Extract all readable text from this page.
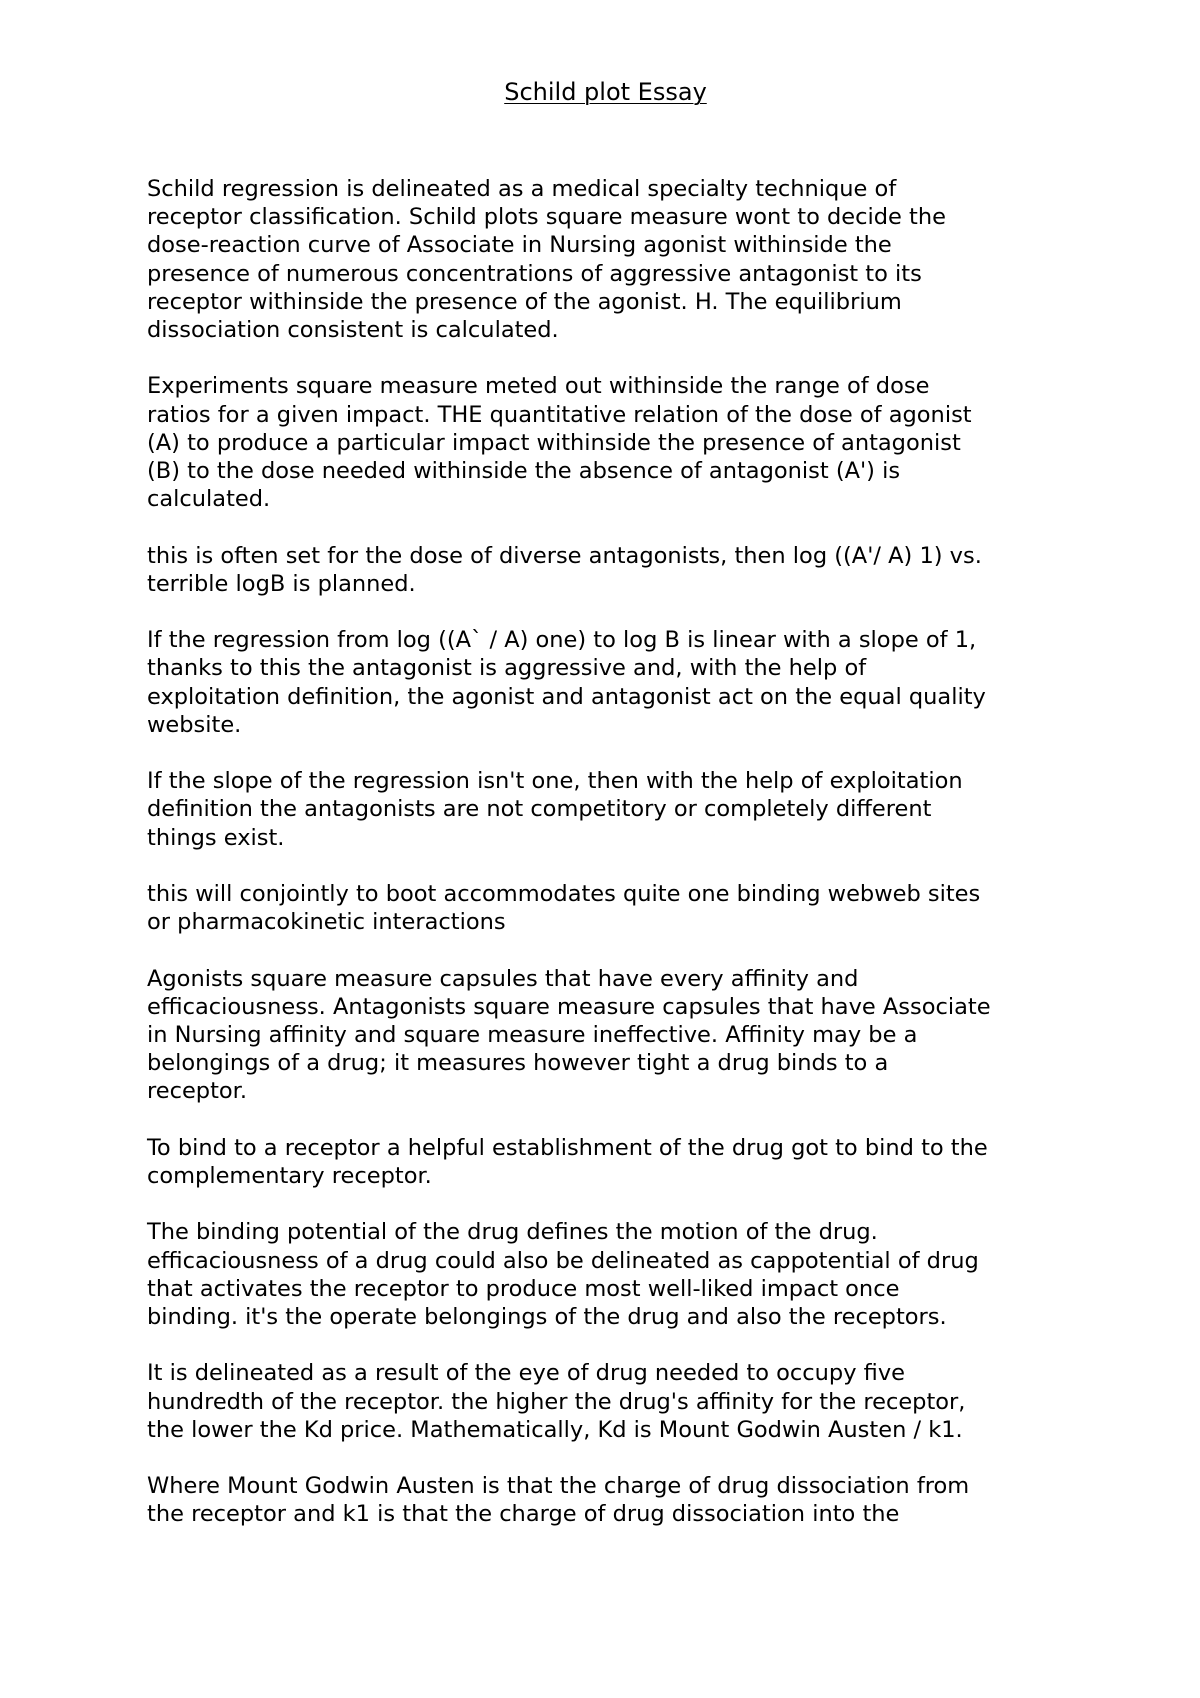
Schild plot Essay

Schild regression is delineated as a medical specialty technique of
receptor classification. Schild plots square measure wont to decide the
dose-reaction curve of Associate in Nursing agonist withinside the
presence of numerous concentrations of aggressive antagonist to its
receptor withinside the presence of the agonist. H. The equilibrium
dissociation consistent is calculated.

Experiments square measure meted out withinside the range of dose
ratios for a given impact. THE quantitative relation of the dose of agonist
(A) to produce a particular impact withinside the presence of antagonist
(B) to the dose needed withinside the absence of antagonist (A') is
calculated.

this is often set for the dose of diverse antagonists, then log ((A'/ A) 1) vs.
terrible logB is planned.

If the regression from log ((A` / A) one) to log B is linear with a slope of 1,
thanks to this the antagonist is aggressive and, with the help of
exploitation definition, the agonist and antagonist act on the equal quality
website.

If the slope of the regression isn't one, then with the help of exploitation
definition the antagonists are not competitory or completely different
things exist.

this will conjointly to boot accommodates quite one binding webweb sites
or pharmacokinetic interactions

Agonists square measure capsules that have every affinity and
efficaciousness. Antagonists square measure capsules that have Associate
in Nursing affinity and square measure ineffective. Affinity may be a
belongings of a drug; it measures however tight a drug binds to a
receptor.

To bind to a receptor a helpful establishment of the drug got to bind to the
complementary receptor.

The binding potential of the drug defines the motion of the drug.
efficaciousness of a drug could also be delineated as cappotential of drug
that activates the receptor to produce most well-liked impact once
binding. it's the operate belongings of the drug and also the receptors.

It is delineated as a result of the eye of drug needed to occupy five
hundredth of the receptor. the higher the drug's affinity for the receptor,
the lower the Kd price. Mathematically, Kd is Mount Godwin Austen / k1.

Where Mount Godwin Austen is that the charge of drug dissociation from
the receptor and k1 is that the charge of drug dissociation into the
